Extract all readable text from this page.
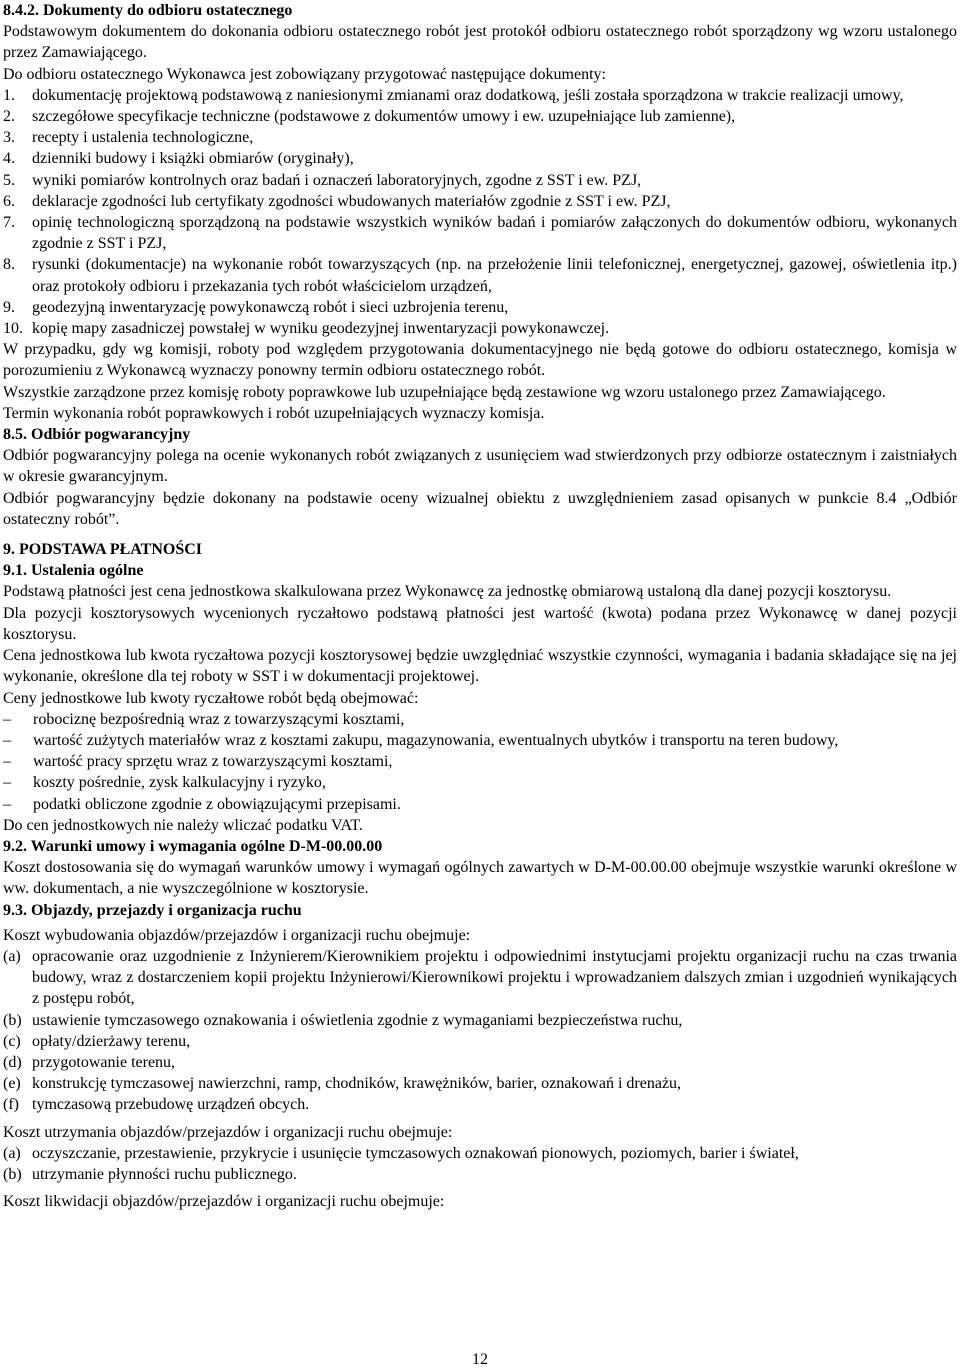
8.4.2. Dokumenty do odbioru ostatecznego

Podstawowym dokumentem do dokonania odbioru ostatecznego robót jest protokół odbioru ostatecznego robót sporządzony wg wzoru ustalonego przez Zamawiającego.

Do odbioru ostatecznego Wykonawca jest zobowiązany przygotować następujące dokumenty:

1.	dokumentację projektową podstawową z naniesionymi zmianami oraz dodatkową, jeśli została sporządzona w trakcie realizacji umowy,
2.	szczegółowe specyfikacje techniczne (podstawowe z dokumentów umowy i ew. uzupełniające lub zamienne),
3.	recepty i ustalenia technologiczne,
4.	dzienniki budowy i książki obmiarów (oryginały),
5.	wyniki pomiarów kontrolnych oraz badań i oznaczeń laboratoryjnych, zgodne z SST i ew. PZJ,
6.	deklaracje zgodności lub certyfikaty zgodności wbudowanych materiałów zgodnie z SST i ew. PZJ,
7.	opinię technologiczną sporządzoną na podstawie wszystkich wyników badań i pomiarów załączonych do dokumentów odbioru, wykonanych zgodnie z SST i PZJ,
8.	rysunki (dokumentacje) na wykonanie robót towarzyszących (np. na przełożenie linii telefonicznej, energetycznej, gazowej, oświetlenia itp.) oraz protokoły odbioru i przekazania tych robót właścicielom urządzeń,
9.	geodezyjną inwentaryzację powykonawczą robót i sieci uzbrojenia terenu,
10. kopię mapy zasadniczej powstałej w wyniku geodezyjnej inwentaryzacji powykonawczej.

W przypadku, gdy wg komisji, roboty pod względem przygotowania dokumentacyjnego nie będą gotowe do odbioru ostatecznego, komisja w porozumieniu z Wykonawcą wyznaczy ponowny termin odbioru ostatecznego robót.

Wszystkie zarządzone przez komisję roboty poprawkowe lub uzupełniające będą zestawione wg wzoru ustalonego przez Zamawiającego.

Termin wykonania robót poprawkowych i robót uzupełniających wyznaczy komisja.

8.5. Odbiór pogwarancyjny

Odbiór pogwarancyjny polega na ocenie wykonanych robót związanych z usunięciem wad stwierdzonych przy odbiorze ostatecznym i zaistniałych w okresie gwarancyjnym.

Odbiór pogwarancyjny będzie dokonany na podstawie oceny wizualnej obiektu z uwzględnieniem zasad opisanych w punkcie 8.4 „Odbiór ostateczny robót”.

9. PODSTAWA PŁATNOŚCI
9.1. Ustalenia ogólne

Podstawą płatności jest cena jednostkowa skalkulowana przez Wykonawcę za jednostkę obmiarową ustaloną dla danej pozycji kosztorysu.

Dla pozycji kosztorysowych wycenionych ryczałtowo podstawą płatności jest wartość (kwota) podana przez Wykonawcę w danej pozycji kosztorysu.

Cena jednostkowa lub kwota ryczałtowa pozycji kosztorysowej będzie uwzględniać wszystkie czynności, wymagania i badania składające się na jej wykonanie, określone dla tej roboty w SST i w dokumentacji projektowej.

Ceny jednostkowe lub kwoty ryczałtowe robót będą obejmować:

–	robociznę bezpośrednią wraz z towarzyszącymi kosztami,
–	wartość zużytych materiałów wraz z kosztami zakupu, magazynowania, ewentualnych ubytków i transportu na teren budowy,
–	wartość pracy sprzętu wraz z towarzyszącymi kosztami,
–	koszty pośrednie, zysk kalkulacyjny i ryzyko,
–	podatki obliczone zgodnie z obowiązującymi przepisami.

Do cen jednostkowych nie należy wliczać podatku VAT.

9.2. Warunki umowy i wymagania ogólne D-M-00.00.00

Koszt dostosowania się do wymagań warunków umowy i wymagań ogólnych zawartych w D-M-00.00.00 obejmuje wszystkie warunki określone w ww. dokumentach, a nie wyszczególnione w kosztorysie.

9.3. Objazdy, przejazdy i organizacja ruchu

Koszt wybudowania objazdów/przejazdów i organizacji ruchu obejmuje:

(a) opracowanie oraz uzgodnienie z Inżynierem/Kierownikiem projektu i odpowiednimi instytucjami projektu organizacji ruchu na czas trwania budowy, wraz z dostarczeniem kopii projektu Inżynierowi/Kierownikowi projektu i wprowadzaniem dalszych zmian i uzgodnień wynikających z postępu robót,
(b) ustawienie tymczasowego oznakowania i oświetlenia zgodnie z wymaganiami bezpieczeństwa ruchu,
(c) opłaty/dzierżawy terenu,
(d) przygotowanie terenu,
(e) konstrukcję tymczasowej nawierzchni, ramp, chodników, krawężników, barier, oznakowań i drenażu,
(f) tymczasową przebudowę urządzeń obcych.

Koszt utrzymania objazdów/przejazdów i organizacji ruchu obejmuje:

(a) oczyszczanie, przestawienie, przykrycie i usunięcie tymczasowych oznakowań pionowych, poziomych, barier i świateł,
(b) utrzymanie płynności ruchu publicznego.

Koszt likwidacji objazdów/przejazdów i organizacji ruchu obejmuje:

12
